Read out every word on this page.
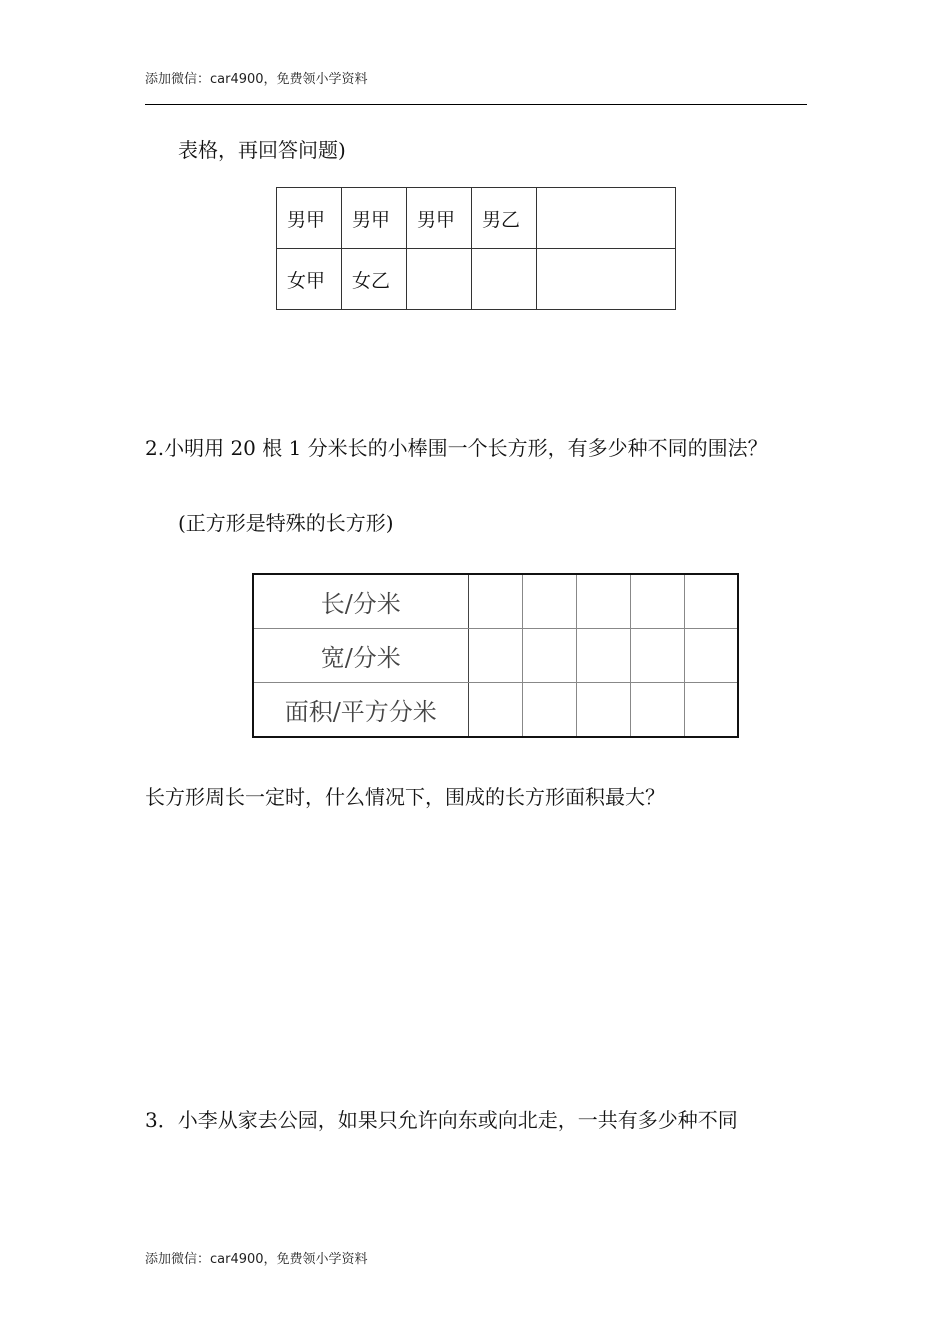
添加微信：car4900，免费领小学资料
表格，再回答问题)
男甲	男甲	男甲	男乙	
女甲	女乙			
2.小明用 20 根 1 分米长的小棒围一个长方形，有多少种不同的围法？
(正方形是特殊的长方形)
长/分米					
宽/分米					
面积/平方分米					
长方形周长一定时，什么情况下，围成的长方形面积最大？
3．小李从家去公园，如果只允许向东或向北走，一共有多少种不同
添加微信：car4900，免费领小学资料
